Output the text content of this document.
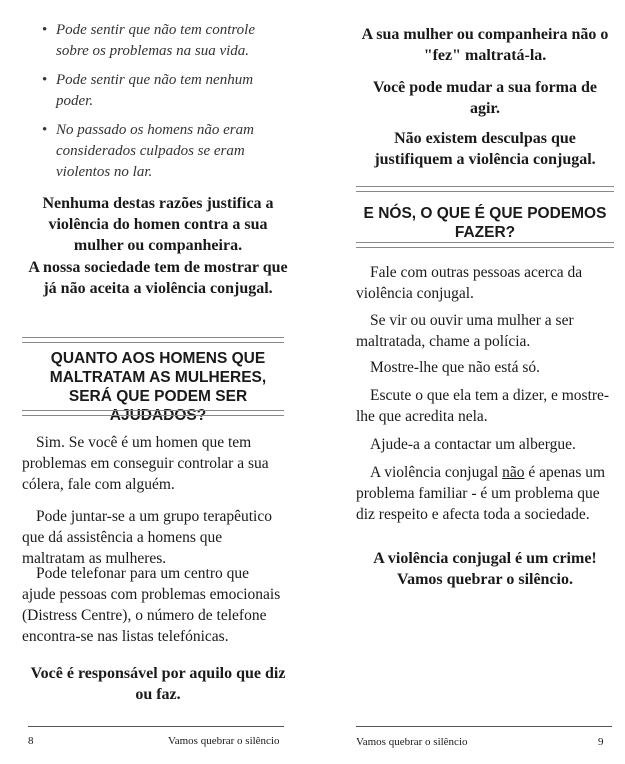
• Pode sentir que não tem controle sobre os problemas na sua vida.
• Pode sentir que não tem nenhum poder.
• No passado os homens não eram considerados culpados se eram violentos no lar.

Nenhuma destas razões justifica a violência do homen contra a sua mulher ou companheira.

A nossa sociedade tem de mostrar que já não aceita a violência conjugal.

QUANTO AOS HOMENS QUE MALTRATAM AS MULHERES, SERÁ QUE PODEM SER AJUDADOS?

Sim. Se você é um homen que tem problemas em conseguir controlar a sua cólera, fale com alguém.

Pode juntar-se a um grupo terapêutico que dá assistência a homens que maltratam as mulheres.

Pode telefonar para um centro que ajude pessoas com problemas emocionais (Distress Centre), o número de telefone encontra-se nas listas telefónicas.

Você é responsável por aquilo que diz ou faz.

8	Vamos quebrar o silêncio

A sua mulher ou companheira não o "fez" maltratá-la.

Você pode mudar a sua forma de agir.

Não existem desculpas que justifiquem a violência conjugal.

E NÓS, O QUE É QUE PODEMOS FAZER?

Fale com outras pessoas acerca da violência conjugal.

Se vir ou ouvir uma mulher a ser maltratada, chame a polícia.

Mostre-lhe que não está só.

Escute o que ela tem a dizer, e mostre-lhe que acredita nela.

Ajude-a a contactar um albergue.

A violência conjugal não é apenas um problema familiar - é um problema que diz respeito e afecta toda a sociedade.

A violência conjugal é um crime! Vamos quebrar o silêncio.

Vamos quebrar o silêncio	9
